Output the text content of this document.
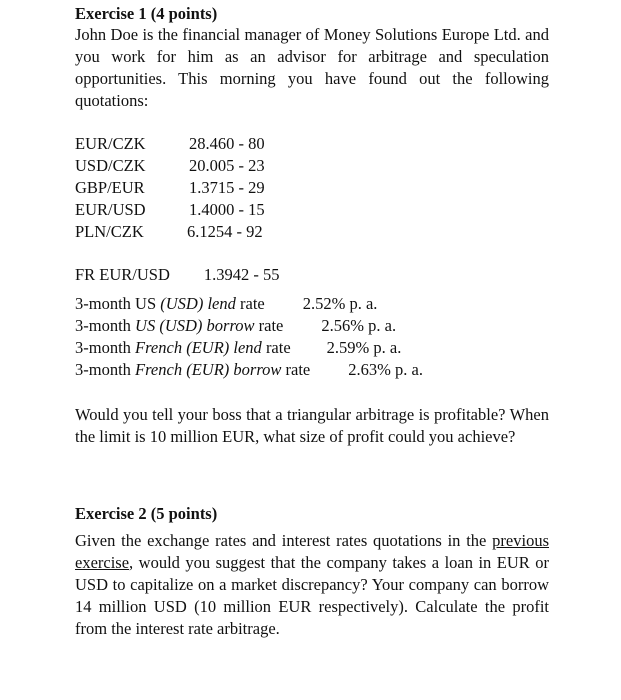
Exercise 1 (4 points)

John Doe is the financial manager of Money Solutions Europe Ltd. and you work for him as an advisor for arbitrage and speculation opportunities. This morning you have found out the following quotations:

EUR/CZK	28.460 - 80
USD/CZK	20.005 - 23
GBP/EUR	1.3715 - 29
EUR/USD	1.4000 - 15
PLN/CZK	6.1254 - 92
FR EUR/USD 1.3942 - 55
3-month US (USD) lend rate 2.52% p. a.
3-month US (USD) borrow rate 2.56% p. a.
3-month French (EUR) lend rate 2.59% p. a.
3-month French (EUR) borrow rate 2.63% p. a.

Would you tell your boss that a triangular arbitrage is profitable? When the limit is 10 million EUR, what size of profit could you achieve?

Exercise 2 (5 points)

Given the exchange rates and interest rates quotations in the previous exercise, would you suggest that the company takes a loan in EUR or USD to capitalize on a market discrepancy? Your company can borrow 14 million USD (10 million EUR respectively). Calculate the profit from the interest rate arbitrage.
